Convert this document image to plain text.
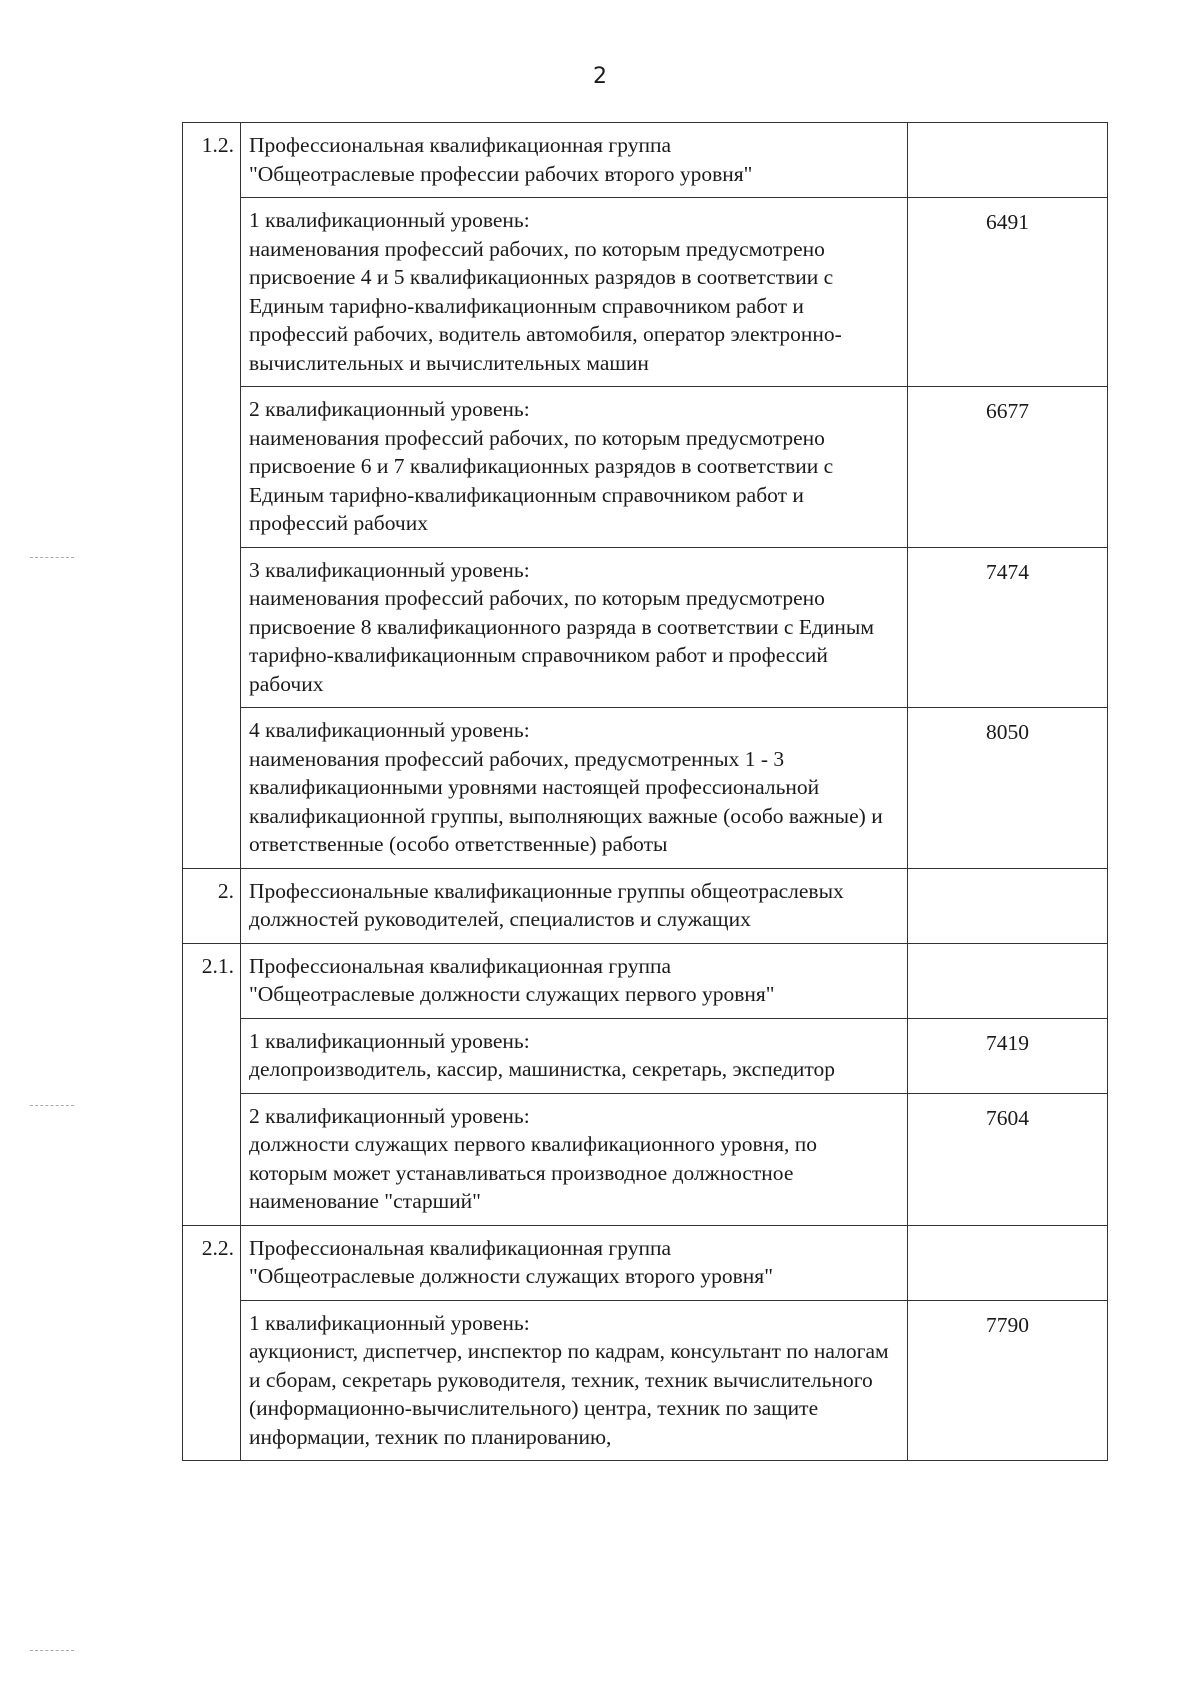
2
1.2.	Профессиональная квалификационная группа
"Общеотраслевые профессии рабочих второго уровня"	

	1 квалификационный уровень:
наименования профессий рабочих, по которым предусмотрено присвоение 4 и 5 квалификационных разрядов в соответствии с Единым тарифно-квалификационным справочником работ и профессий рабочих, водитель автомобиля, оператор электронно-вычислительных и вычислительных машин	6491

	2 квалификационный уровень:
наименования профессий рабочих, по которым предусмотрено присвоение 6 и 7 квалификационных разрядов в соответствии с Единым тарифно-квалификационным справочником работ и профессий рабочих	6677

	3 квалификационный уровень:
наименования профессий рабочих, по которым предусмотрено присвоение 8 квалификационного разряда в соответствии с Единым тарифно-квалификационным справочником работ и профессий рабочих	7474

	4 квалификационный уровень:
наименования профессий рабочих, предусмотренных 1 - 3 квалификационными уровнями настоящей профессиональной квалификационной группы, выполняющих важные (особо важные) и ответственные (особо ответственные) работы	8050
2.	Профессиональные квалификационные группы общеотраслевых должностей руководителей, специалистов и служащих	

2.1.	Профессиональная квалификационная группа
"Общеотраслевые должности служащих первого уровня"	

	1 квалификационный уровень:
делопроизводитель, кассир, машинистка, секретарь, экспедитор	7419

	2 квалификационный уровень:
должности служащих первого квалификационного уровня, по которым может устанавливаться производное должностное наименование "старший"	7604
2.2.	Профессиональная квалификационная группа
"Общеотраслевые должности служащих второго уровня"	

	1 квалификационный уровень:
аукционист, диспетчер, инспектор по кадрам, консультант по налогам и сборам, секретарь руководителя, техник, техник вычислительного (информационно-вычислительного) центра, техник по защите информации, техник по планированию,	7790
